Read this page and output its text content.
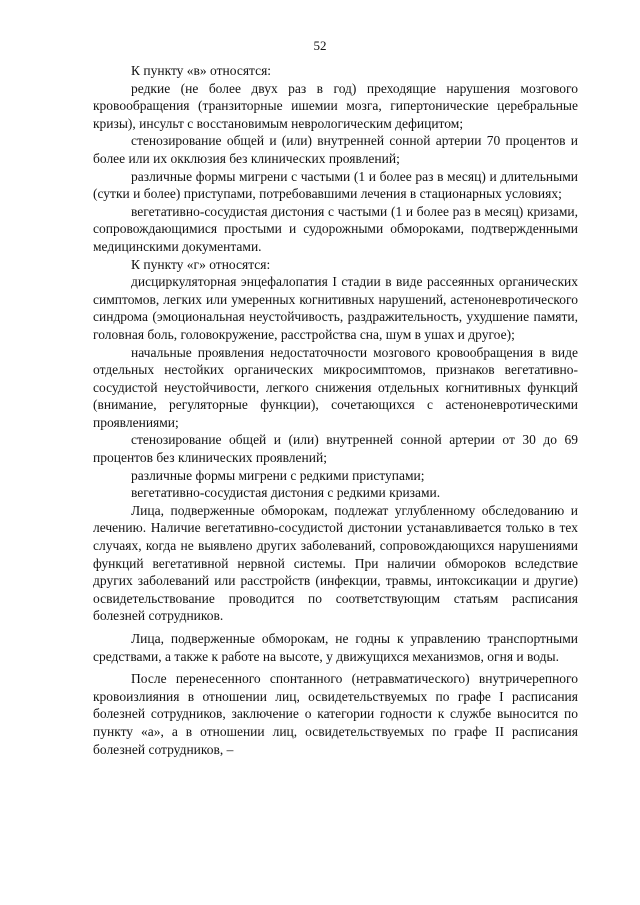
52

К пункту «в» относятся:

редкие (не более двух раз в год) преходящие нарушения мозгового кровообращения (транзиторные ишемии мозга, гипертонические церебральные кризы), инсульт с восстановимым неврологическим дефицитом;

стенозирование общей и (или) внутренней сонной артерии 70 процентов и более или их окклюзия без клинических проявлений;

различные формы мигрени с частыми (1 и более раз в месяц) и длительными (сутки и более) приступами, потребовавшими лечения в стационарных условиях;

вегетативно-сосудистая дистония с частыми (1 и более раз в месяц) кризами, сопровождающимися простыми и судорожными обмороками, подтвержденными медицинскими документами.

К пункту «г» относятся:

дисциркуляторная энцефалопатия I стадии в виде рассеянных органических симптомов, легких или умеренных когнитивных нарушений, астеноневротического синдрома (эмоциональная неустойчивость, раздражительность, ухудшение памяти, головная боль, головокружение, расстройства сна, шум в ушах и другое);

начальные проявления недостаточности мозгового кровообращения в виде отдельных нестойких органических микросимптомов, признаков вегетативно-сосудистой неустойчивости, легкого снижения отдельных когнитивных функций (внимание, регуляторные функции), сочетающихся с астеноневротическими проявлениями;

стенозирование общей и (или) внутренней сонной артерии от 30 до 69 процентов без клинических проявлений;

различные формы мигрени с редкими приступами;

вегетативно-сосудистая дистония с редкими кризами.

Лица, подверженные обморокам, подлежат углубленному обследованию и лечению. Наличие вегетативно-сосудистой дистонии устанавливается только в тех случаях, когда не выявлено других заболеваний, сопровождающихся нарушениями функций вегетативной нервной системы. При наличии обмороков вследствие других заболеваний или расстройств (инфекции, травмы, интоксикации и другие) освидетельствование проводится по соответствующим статьям расписания болезней сотрудников.

Лица, подверженные обморокам, не годны к управлению транспортными средствами, а также к работе на высоте, у движущихся механизмов, огня и воды.

После перенесенного спонтанного (нетравматического) внутричерепного кровоизлияния в отношении лиц, освидетельствуемых по графе I расписания болезней сотрудников, заключение о категории годности к службе выносится по пункту «а», а в отношении лиц, освидетельствуемых по графе II расписания болезней сотрудников, –
